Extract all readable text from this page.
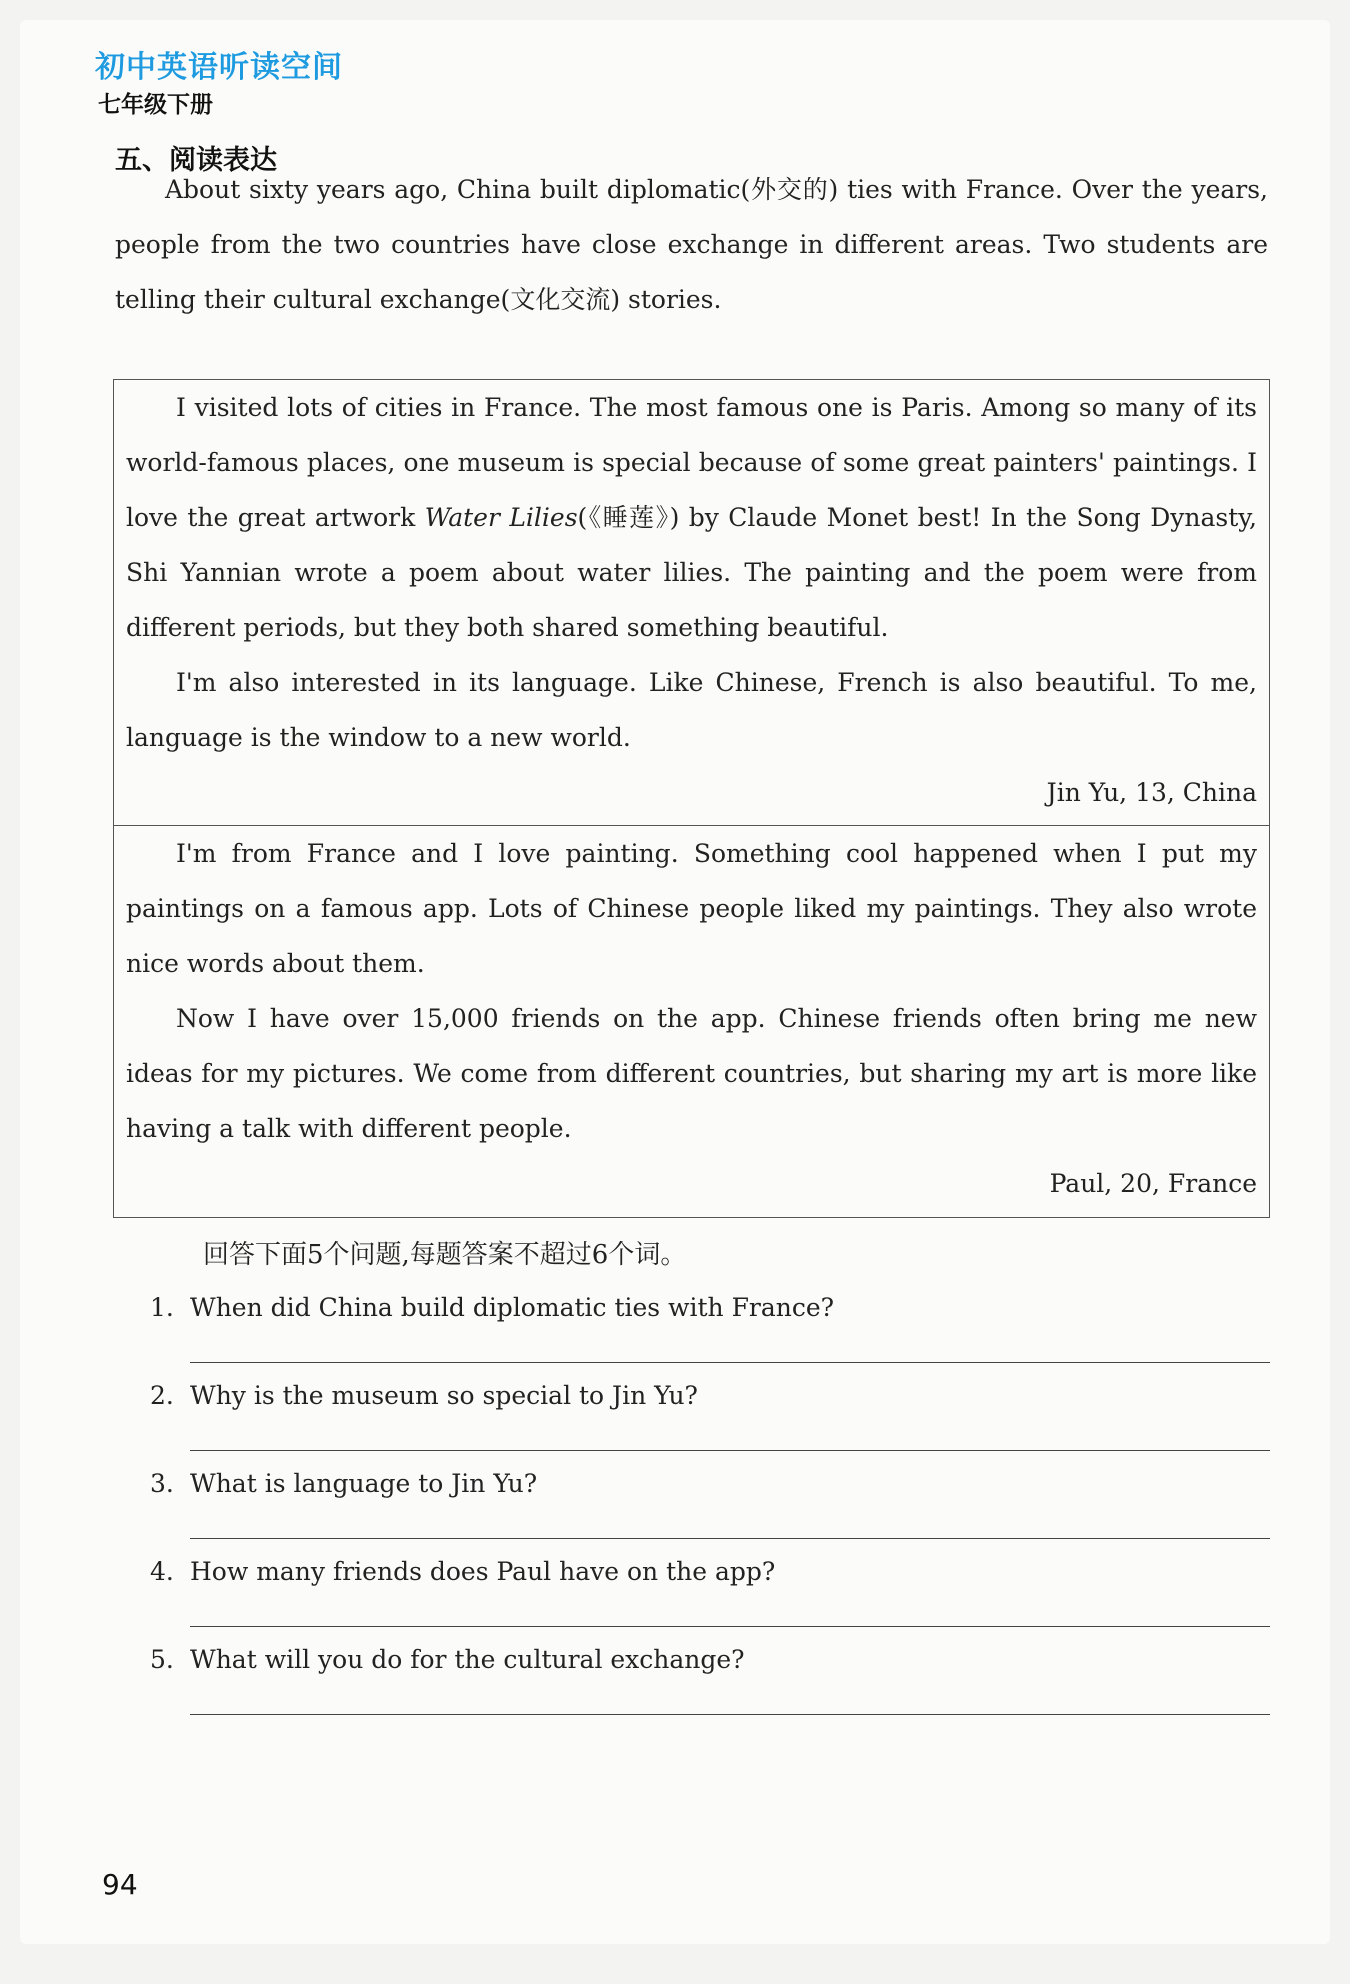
初中英语听读空间
七年级下册
五、阅读表达

About sixty years ago, China built diplomatic(外交的) ties with France. Over the years, people from the two countries have close exchange in different areas. Two students are telling their cultural exchange(文化交流) stories.

I visited lots of cities in France. The most famous one is Paris. Among so many of its world-famous places, one museum is special because of some great painters' paintings. I love the great artwork Water Lilies(《睡莲》) by Claude Monet best! In the Song Dynasty, Shi Yannian wrote a poem about water lilies. The painting and the poem were from different periods, but they both shared something beautiful.

I'm also interested in its language. Like Chinese, French is also beautiful. To me, language is the window to a new world.

Jin Yu, 13, China

I'm from France and I love painting. Something cool happened when I put my paintings on a famous app. Lots of Chinese people liked my paintings. They also wrote nice words about them.

Now I have over 15,000 friends on the app. Chinese friends often bring me new ideas for my pictures. We come from different countries, but sharing my art is more like having a talk with different people.

Paul, 20, France

回答下面5个问题,每题答案不超过6个词。
1. When did China build diplomatic ties with France?
2. Why is the museum so special to Jin Yu?
3. What is language to Jin Yu?
4. How many friends does Paul have on the app?
5. What will you do for the cultural exchange?
94
